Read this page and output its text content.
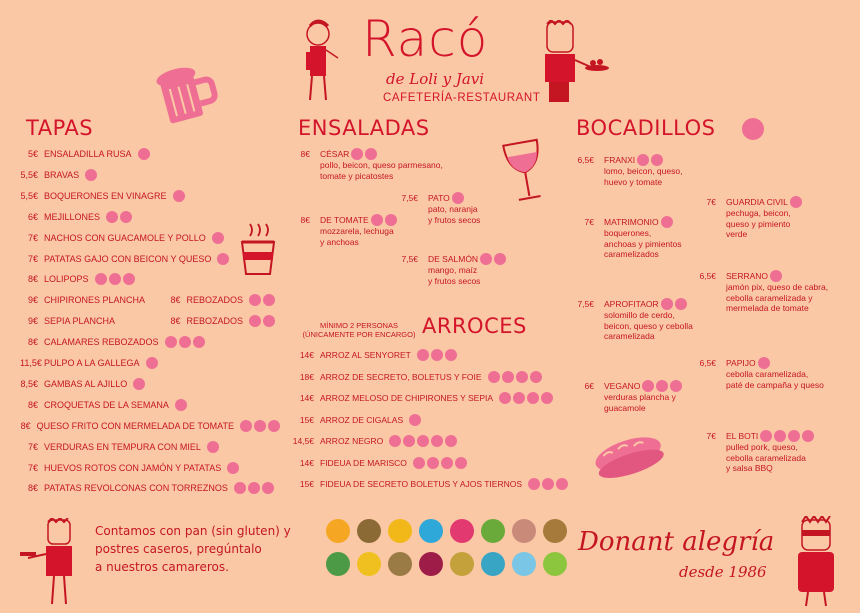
Racó
de Loli y Javi
CAFETERÍA-RESTAURANT
TAPAS
5€ ENSALADILLA RUSA
5,5€ BRAVAS
5,5€ BOQUERONES EN VINAGRE
6€ MEJILLONES
7€ NACHOS CON GUACAMOLE Y POLLO
7€ PATATAS GAJO CON BEICON Y QUESO
8€ LOLIPOPS
9€ CHIPIRONES PLANCHA	8€ REBOZADOS
9€ SEPIA PLANCHA	8€ REBOZADOS
8€ CALAMARES REBOZADOS
11,5€ PULPO A LA GALLEGA
8,5€ GAMBAS AL AJILLO
8€ CROQUETAS DE LA SEMANA
8€ QUESO FRITO CON MERMELADA DE TOMATE
7€ VERDURAS EN TEMPURA CON MIEL
7€ HUEVOS ROTOS CON JAMÓN Y PATATAS
8€ PATATAS REVOLCONAS CON TORREZNOS
ENSALADAS
8€ CÉSAR
pollo, beicon, queso parmesano,
tomate y picatostes
7,5€ PATO
pato, naranja
y frutos secos
8€ DE TOMATE
mozzarela, lechuga
y anchoas
7,5€ DE SALMÓN
mango, maíz
y frutos secos
MÍNIMO 2 PERSONAS
(ÚNICAMENTE POR ENCARGO) ARROCES
14€ ARROZ AL SENYORET
18€ ARROZ DE SECRETO, BOLETUS Y FOIE
14€ ARROZ MELOSO DE CHIPIRONES Y SEPIA
15€ ARROZ DE CIGALAS
14,5€ ARROZ NEGRO
14€ FIDEUA DE MARISCO
15€ FIDEUA DE SECRETO BOLETUS Y AJOS TIERNOS
BOCADILLOS
6,5€ FRANXI
lomo, beicon, queso,
huevo y tomate
7€ GUARDIA CIVIL
pechuga, beicon,
queso y pimiento
verde
7€ MATRIMONIO
boquerones,
anchoas y pimientos
caramelizados
6,5€ SERRANO
jamón pix, queso de cabra,
cebolla caramelizada y
mermelada de tomate
7,5€ APROFITAOR
solomillo de cerdo,
beicon, queso y cebolla
caramelizada
6,5€ PAPIJO
cebolla caramelizada,
paté de campaña y queso
6€ VEGANO
verduras plancha y
guacamole
7€ EL BOTI
pulled pork, queso,
cebolla caramelizada
y salsa BBQ
Contamos con pan (sin gluten) y
postres caseros, pregúntalo
a nuestros camareros.
Donant alegría
desde 1986
